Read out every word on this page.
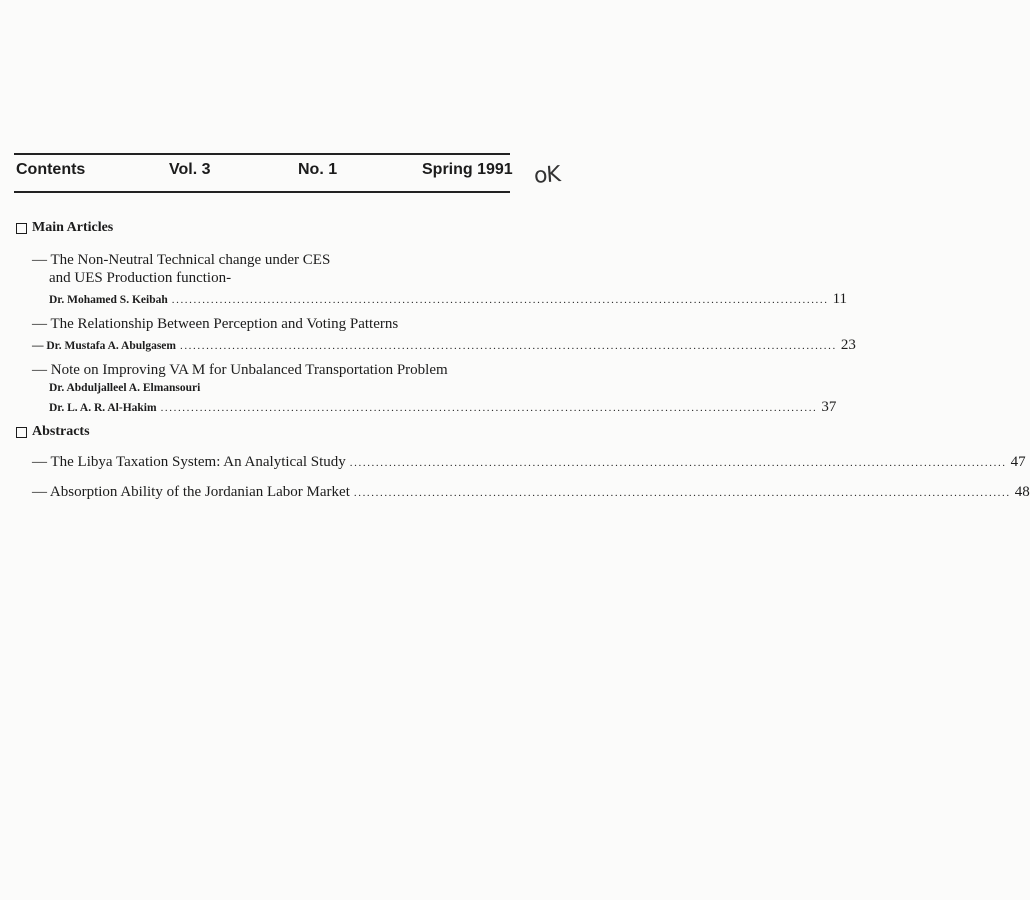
Contents	Vol. 3	No. 1	Spring 1991 oK
Main Articles
— The Non-Neutral Technical change under CES
and UES Production function-
Dr. Mohamed S. Keibah ....................................................................................................................................................... 11
— The Relationship Between Perception and Voting Patterns
— Dr. Mustafa A. Abulgasem ....................................................................................................................................................... 23
— Note on Improving VA M for Unbalanced Transportation Problem
Dr. Abduljalleel A. Elmansouri
Dr. L. A. R. Al-Hakim ....................................................................................................................................................... 37
Abstracts
— The Libya Taxation System: An Analytical Study ....................................................................................................................................................... 47
— Absorption Ability of the Jordanian Labor Market ....................................................................................................................................................... 48
